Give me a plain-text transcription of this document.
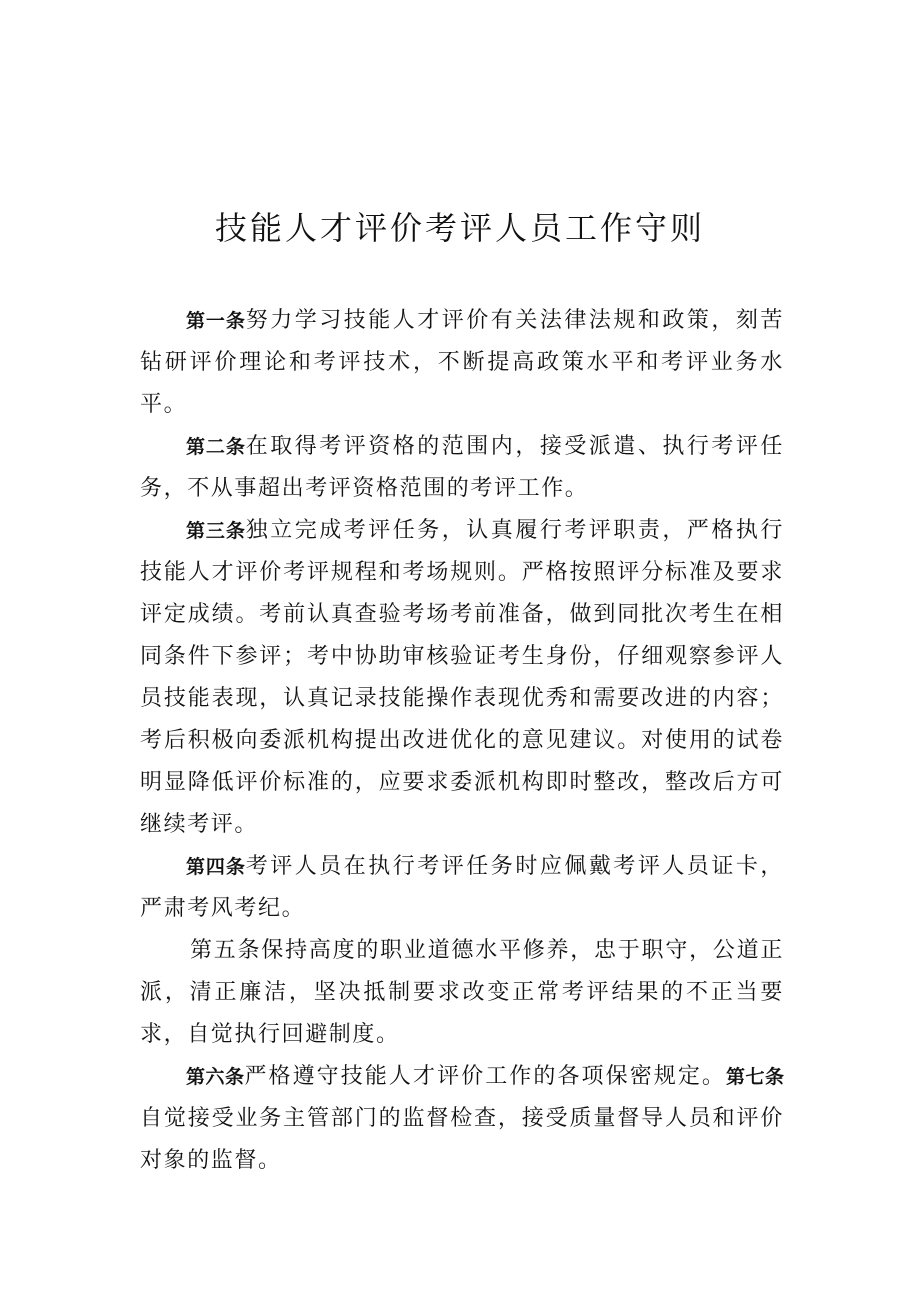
技能人才评价考评人员工作守则

第一条努力学习技能人才评价有关法律法规和政策，刻苦钻研评价理论和考评技术，不断提高政策水平和考评业务水平。

第二条在取得考评资格的范围内，接受派遣、执行考评任务，不从事超出考评资格范围的考评工作。

第三条独立完成考评任务，认真履行考评职责，严格执行技能人才评价考评规程和考场规则。严格按照评分标准及要求评定成绩。考前认真查验考场考前准备，做到同批次考生在相同条件下参评；考中协助审核验证考生身份，仔细观察参评人员技能表现，认真记录技能操作表现优秀和需要改进的内容；考后积极向委派机构提出改进优化的意见建议。对使用的试卷明显降低评价标准的，应要求委派机构即时整改，整改后方可继续考评。

第四条考评人员在执行考评任务时应佩戴考评人员证卡，严肃考风考纪。

第五条保持高度的职业道德水平修养，忠于职守，公道正派，清正廉洁，坚决抵制要求改变正常考评结果的不正当要求，自觉执行回避制度。

第六条严格遵守技能人才评价工作的各项保密规定。第七条自觉接受业务主管部门的监督检查，接受质量督导人员和评价对象的监督。
